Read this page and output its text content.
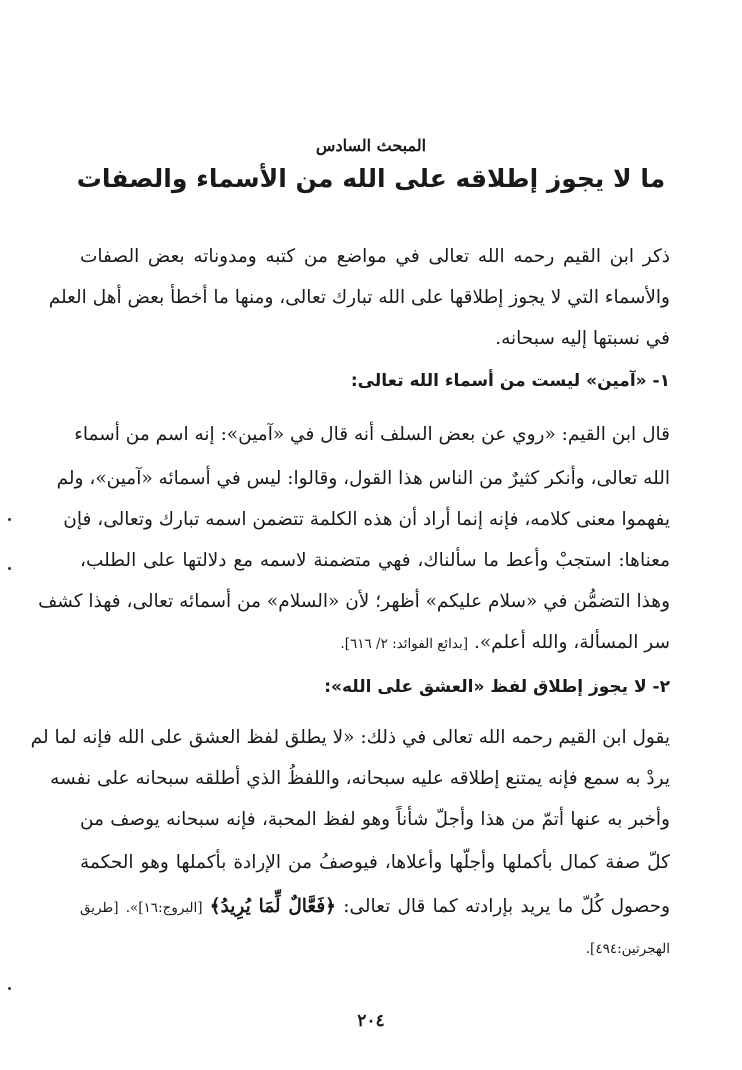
المبحث السادس
ما لا يجوز إطلاقه على الله من الأسماء والصفات
ذكر ابن القيم رحمه الله تعالى في مواضع من كتبه ومدوناته بعض الصفات
والأسماء التي لا يجوز إطلاقها على الله تبارك تعالى، ومنها ما أخطأ بعض أهل العلم
في نسبتها إليه سبحانه.
١- «آمين» ليست من أسماء الله تعالى:
قال ابن القيم: «روي عن بعض السلف أنه قال في «آمين»: إنه اسم من أسماء
الله تعالى، وأنكر كثيرٌ من الناس هذا القول، وقالوا: ليس في أسمائه «آمين»، ولم
يفهموا معنى كلامه، فإنه إنما أراد أن هذه الكلمة تتضمن اسمه تبارك وتعالى، فإن
معناها: استجبْ وأعط ما سألناك، فهي متضمنة لاسمه مع دلالتها على الطلب،
وهذا التضمُّن في «سلام عليكم» أظهر؛ لأن «السلام» من أسمائه تعالى، فهذا كشف
سر المسألة، والله أعلم». [بدائع الفوائد: ٢/ ٦١٦].
٢- لا يجوز إطلاق لفظ «العشق على الله»:
يقول ابن القيم رحمه الله تعالى في ذلك: «لا يطلق لفظ العشق على الله فإنه لما لم
يردْ به سمع فإنه يمتنع إطلاقه عليه سبحانه، واللفظُ الذي أطلقه سبحانه على نفسه
وأخبر به عنها أتمّ من هذا وأجلّ شأناً وهو لفظ المحبة، فإنه سبحانه يوصف من
كلّ صفة كمال بأكملها وأجلّها وأعلاها، فيوصفُ من الإرادة بأكملها وهو الحكمة
وحصول كُلّ ما يريد بإرادته كما قال تعالى: ﴿فَعَّالٌ لِّمَا يُرِيدُ﴾ [البروج:١٦]». [طريق
الهجرتين:٤٩٤].
٢٠٤
